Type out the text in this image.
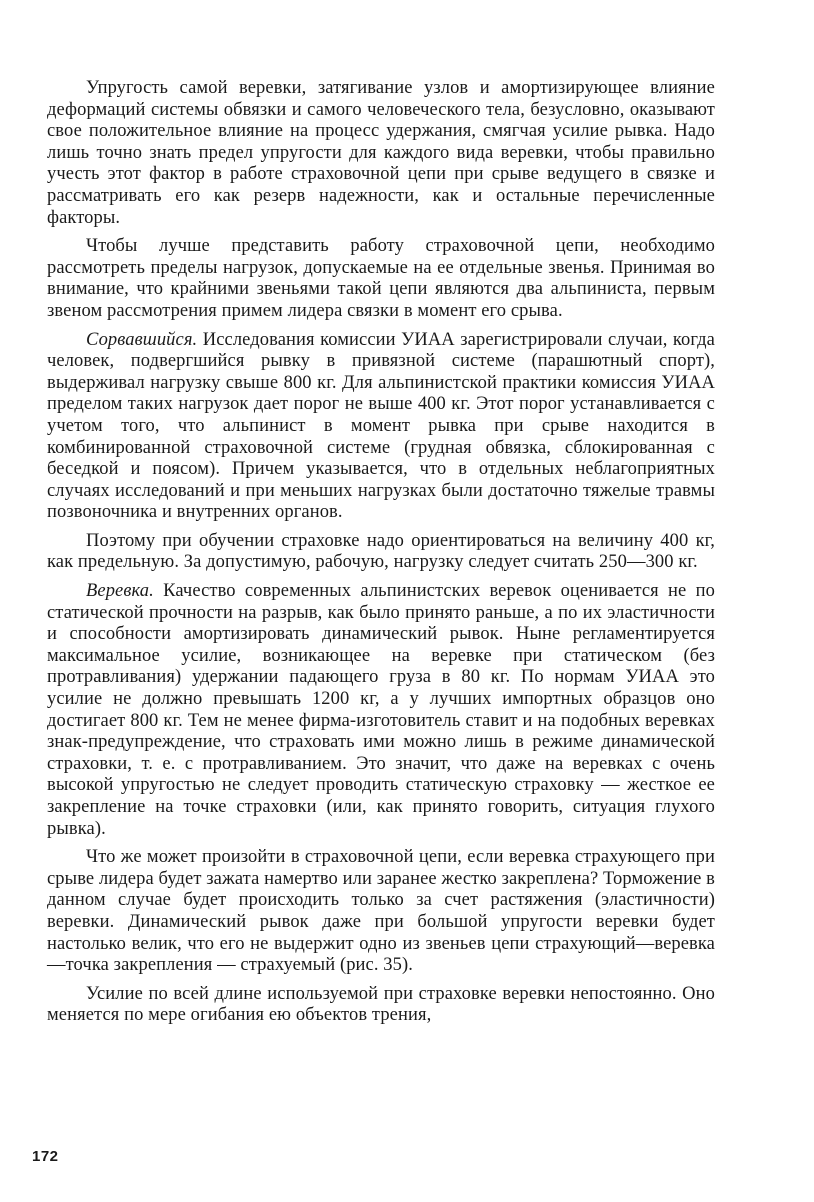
Упругость самой веревки, затягивание узлов и амортизирующее влияние деформаций системы обвязки и самого человеческого тела, безусловно, оказывают свое положительное влияние на процесс удержания, смягчая усилие рывка. Надо лишь точно знать предел упругости для каждого вида веревки, чтобы правильно учесть этот фактор в работе страховочной цепи при срыве ведущего в связке и рассматривать его как резерв надежности, как и остальные перечисленные факторы.

Чтобы лучше представить работу страховочной цепи, необходимо рассмотреть пределы нагрузок, допускаемые на ее отдельные звенья. Принимая во внимание, что крайними звеньями такой цепи являются два альпиниста, первым звеном рассмотрения примем лидера связки в момент его срыва.

Сорвавшийся. Исследования комиссии УИАА зарегистрировали случаи, когда человек, подвергшийся рывку в привязной системе (парашютный спорт), выдерживал нагрузку свыше 800 кг. Для альпинистской практики комиссия УИАА пределом таких нагрузок дает порог не выше 400 кг. Этот порог устанавливается с учетом того, что альпинист в момент рывка при срыве находится в комбинированной страховочной системе (грудная обвязка, сблокированная с беседкой и поясом). Причем указывается, что в отдельных неблагоприятных случаях исследований и при меньших нагрузках были достаточно тяжелые травмы позвоночника и внутренних органов.

Поэтому при обучении страховке надо ориентироваться на величину 400 кг, как предельную. За допустимую, рабочую, нагрузку следует считать 250—300 кг.

Веревка. Качество современных альпинистских веревок оценивается не по статической прочности на разрыв, как было принято раньше, а по их эластичности и способности амортизировать динамический рывок. Ныне регламентируется максимальное усилие, возникающее на веревке при статическом (без протравливания) удержании падающего груза в 80 кг. По нормам УИАА это усилие не должно превышать 1200 кг, а у лучших импортных образцов оно достигает 800 кг. Тем не менее фирма-изготовитель ставит и на подобных веревках знак-предупреждение, что страховать ими можно лишь в режиме динамической страховки, т. е. с протравливанием. Это значит, что даже на веревках с очень высокой упругостью не следует проводить статическую страховку — жесткое ее закрепление на точке страховки (или, как принято говорить, ситуация глухого рывка).

Что же может произойти в страховочной цепи, если веревка страхующего при срыве лидера будет зажата намертво или заранее жестко закреплена? Торможение в данном случае будет происходить только за счет растяжения (эластичности) веревки. Динамический рывок даже при большой упругости веревки будет настолько велик, что его не выдержит одно из звеньев цепи страхующий—веревка—точка закрепления — страхуемый (рис. 35).

Усилие по всей длине используемой при страховке веревки непостоянно. Оно меняется по мере огибания ею объектов трения,

172
